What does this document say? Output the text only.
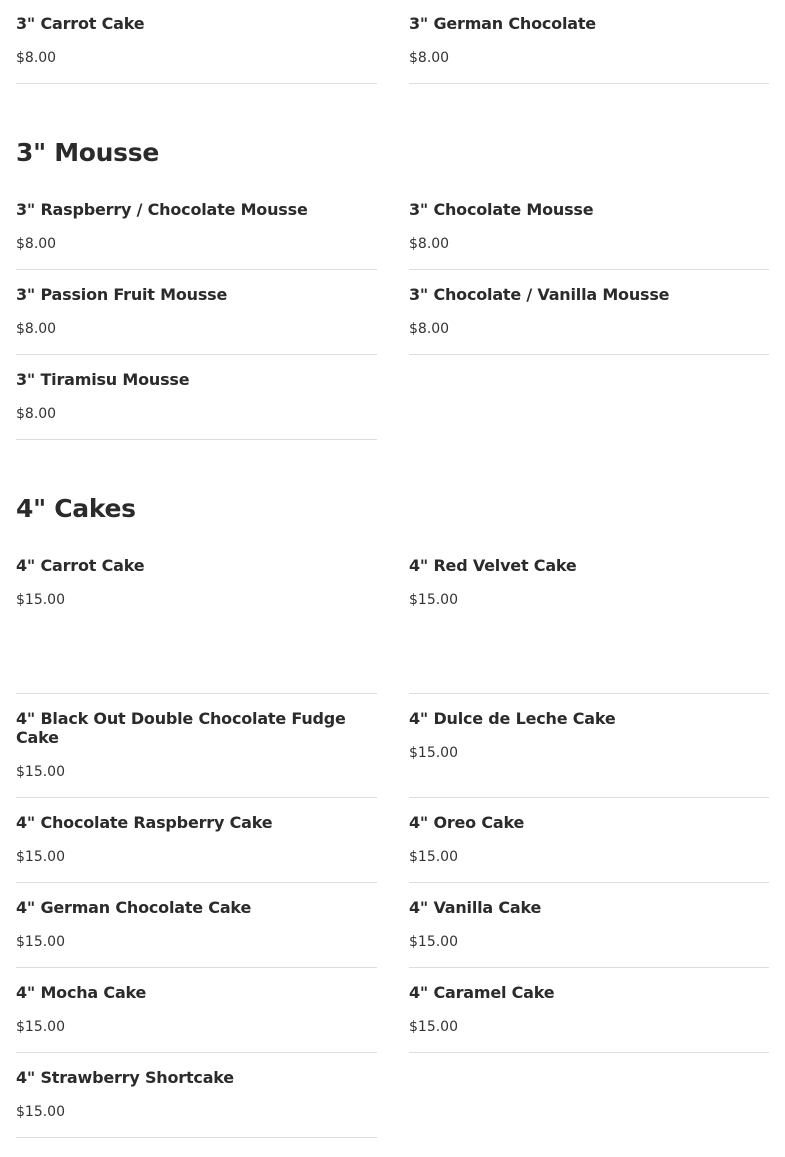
3" Carrot Cake
$8.00
3" German Chocolate
$8.00
3" Mousse
3" Raspberry / Chocolate Mousse
$8.00
3" Chocolate Mousse
$8.00
3" Passion Fruit Mousse
$8.00
3" Chocolate / Vanilla Mousse
$8.00
3" Tiramisu Mousse
$8.00
4" Cakes
4" Carrot Cake
$15.00
4" Red Velvet Cake
$15.00
4" Black Out Double Chocolate Fudge Cake
$15.00
4" Dulce de Leche Cake
$15.00
4" Chocolate Raspberry Cake
$15.00
4" Oreo Cake
$15.00
4" German Chocolate Cake
$15.00
4" Vanilla Cake
$15.00
4" Mocha Cake
$15.00
4" Caramel Cake
$15.00
4" Strawberry Shortcake
$15.00
